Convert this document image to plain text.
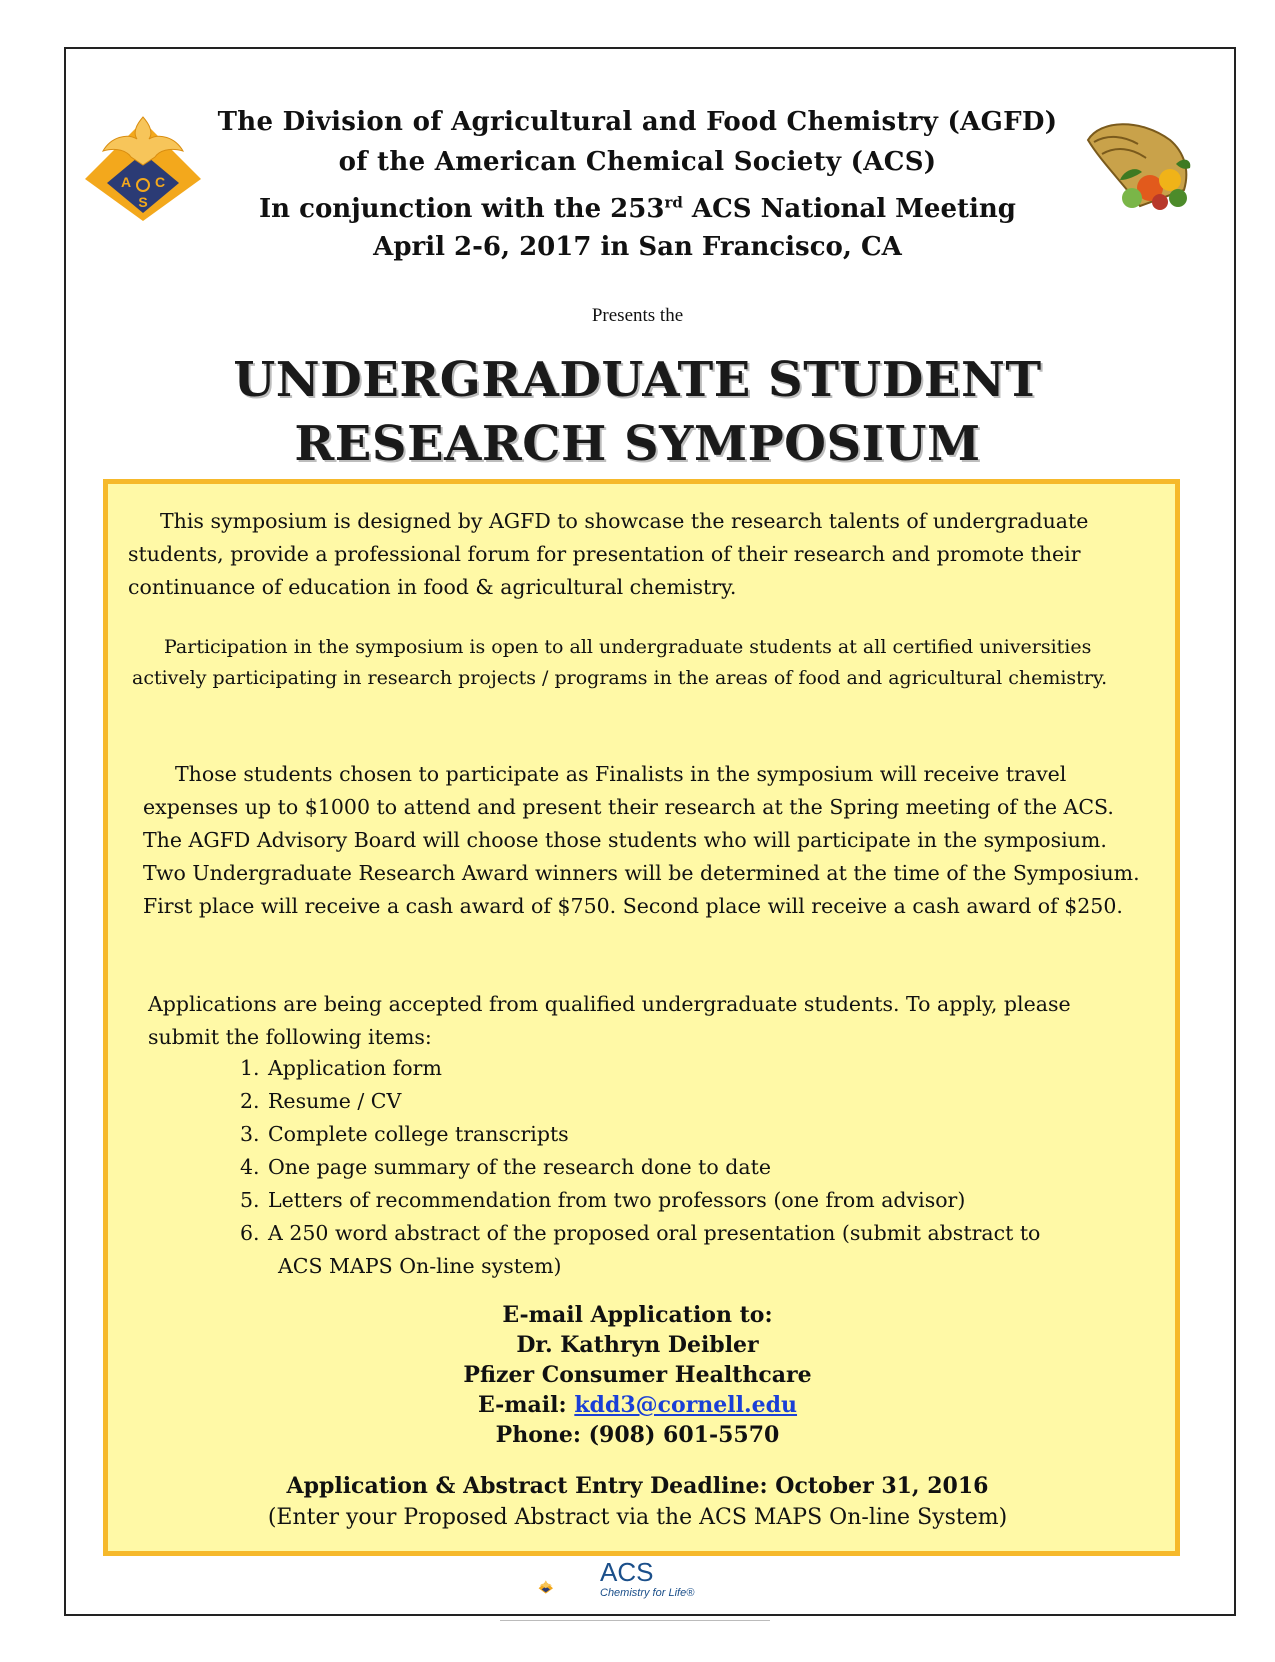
A C
S
The Division of Agricultural and Food Chemistry (AGFD)
of the American Chemical Society (ACS)
In conjunction with the 253rd ACS National Meeting
April 2-6, 2017 in San Francisco, CA
Presents the
UNDERGRADUATE STUDENT
RESEARCH SYMPOSIUM
This symposium is designed by AGFD to showcase the research talents of undergraduate students, provide a professional forum for presentation of their research and promote their continuance of education in food & agricultural chemistry.
Participation in the symposium is open to all undergraduate students at all certified universities actively participating in research projects / programs in the areas of food and agricultural chemistry.
Those students chosen to participate as Finalists in the symposium will receive travel expenses up to $1000 to attend and present their research at the Spring meeting of the ACS. The AGFD Advisory Board will choose those students who will participate in the symposium. Two Undergraduate Research Award winners will be determined at the time of the Symposium. First place will receive a cash award of $750. Second place will receive a cash award of $250.
Applications are being accepted from qualified undergraduate students. To apply, please submit the following items:
1. Application form
2. Resume / CV
3. Complete college transcripts
4. One page summary of the research done to date
5. Letters of recommendation from two professors (one from advisor)
6. A 250 word abstract of the proposed oral presentation (submit abstract to
ACS MAPS On-line system)
E-mail Application to:
Dr. Kathryn Deibler
Pfizer Consumer Healthcare
E-mail: kdd3@cornell.edu
Phone: (908) 601-5570
Application & Abstract Entry Deadline: October 31, 2016
(Enter your Proposed Abstract via the ACS MAPS On-line System)
ACS
Chemistry for Life®
